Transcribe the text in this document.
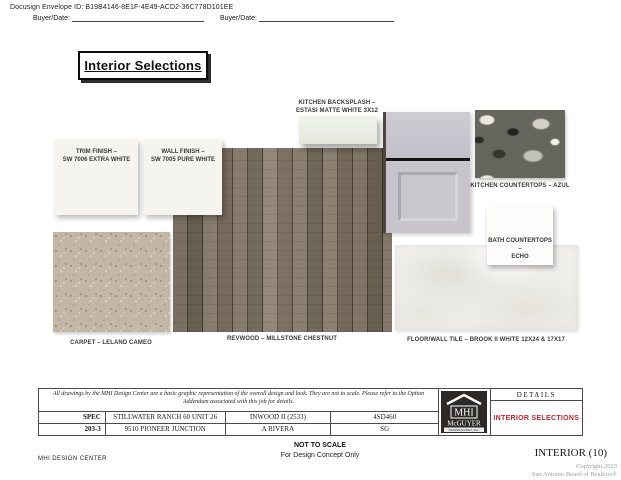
Docusign Envelope ID: B19B4146-8E1F-4E49-ACD2-36C778D101EE
Buyer/Date:	Buyer/Date:
Interior Selections
TRIM FINISH –
SW 7006 EXTRA WHITE
WALL FINISH –
SW 7005 PURE WHITE
KITCHEN BACKSPLASH –
ESTASI MATTE WHITE 3X12
KITCHEN COUNTERTOPS – AZUL
BATH COUNTERTOPS –
ECHO
FLOOR/WALL TILE – BROOK II WHITE 12X24 & 17X17
CARPET – LELAND CAMEO
REVWOOD – MILLSTONE CHESTNUT
All drawings by the MHI Design Center are a basic graphic representation of the overall design and look. They are not to scale. Please refer to the Option Addendum associated with this job for details.
SPEC	STILLWATER RANCH 60 UNIT 26	INWOOD II (2533)	4SD460
203-3	9510 PIONEER JUNCTION	A RIVERA	SG
MHI
McGUYER
HOMEBUILDERS, INC.
DETAILS
INTERIOR SELECTIONS
NOT TO SCALE
For Design Concept Only
MHI DESIGN CENTER	INTERIOR (10)
Copyright 2023
San Antonio Board of Realtors®
